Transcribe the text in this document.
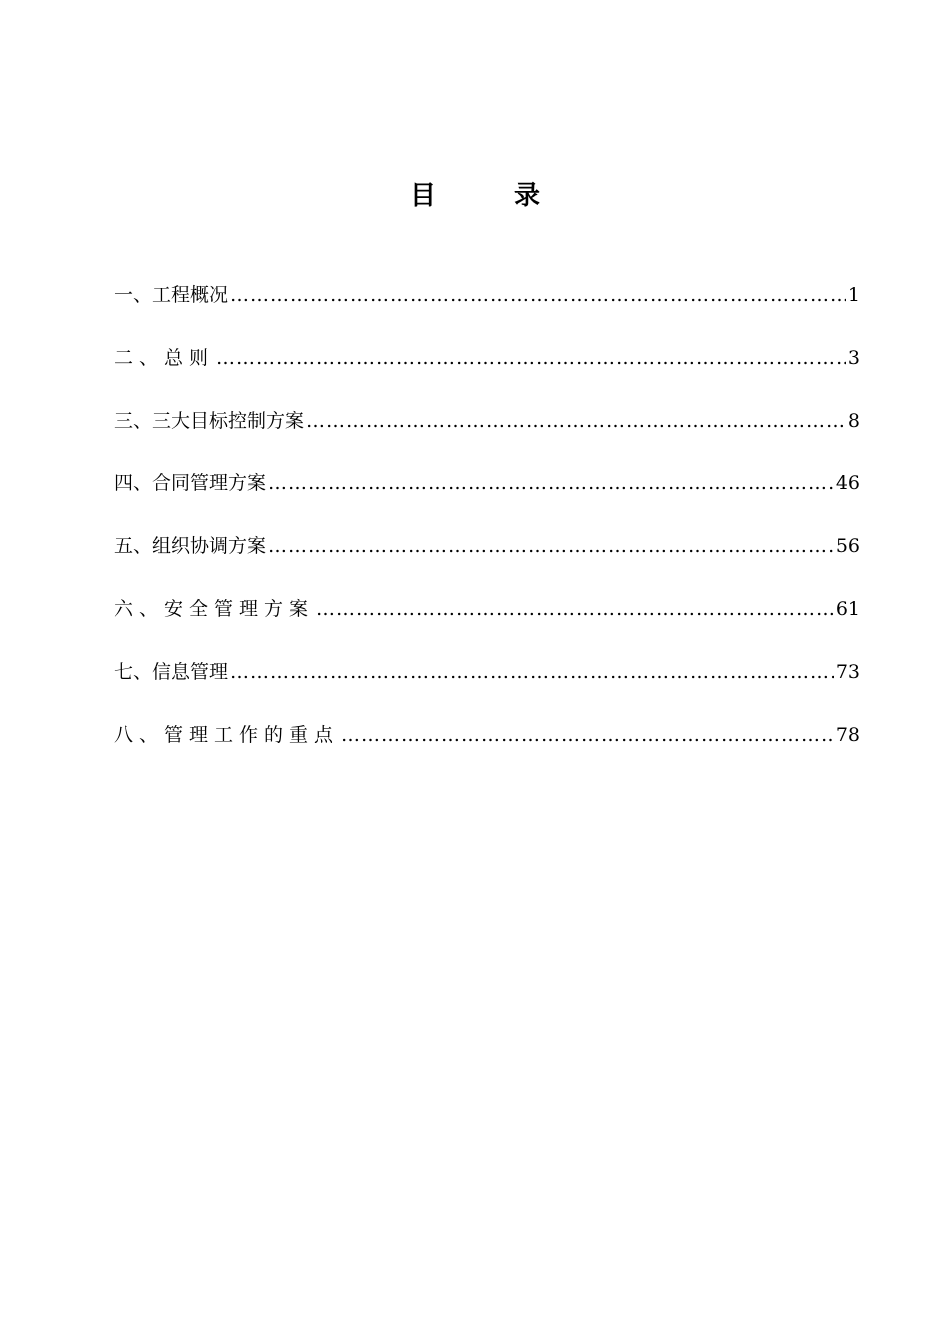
目	录
一、工程概况 …………………………………………………………………………………………………………………………………	1
二、总则 …………………………………………………………………………………………………………………………………	3
三、三大目标控制方案 …………………………………………………………………………………………………………………………………	8
四、合同管理方案 …………………………………………………………………………………………………………………………………	46
五、组织协调方案 …………………………………………………………………………………………………………………………………	56
六、安全管理方案 …………………………………………………………………………………………………………………………………	61
七、信息管理 …………………………………………………………………………………………………………………………………	73
八、管理工作的重点 …………………………………………………………………………………………………………………………………	78
